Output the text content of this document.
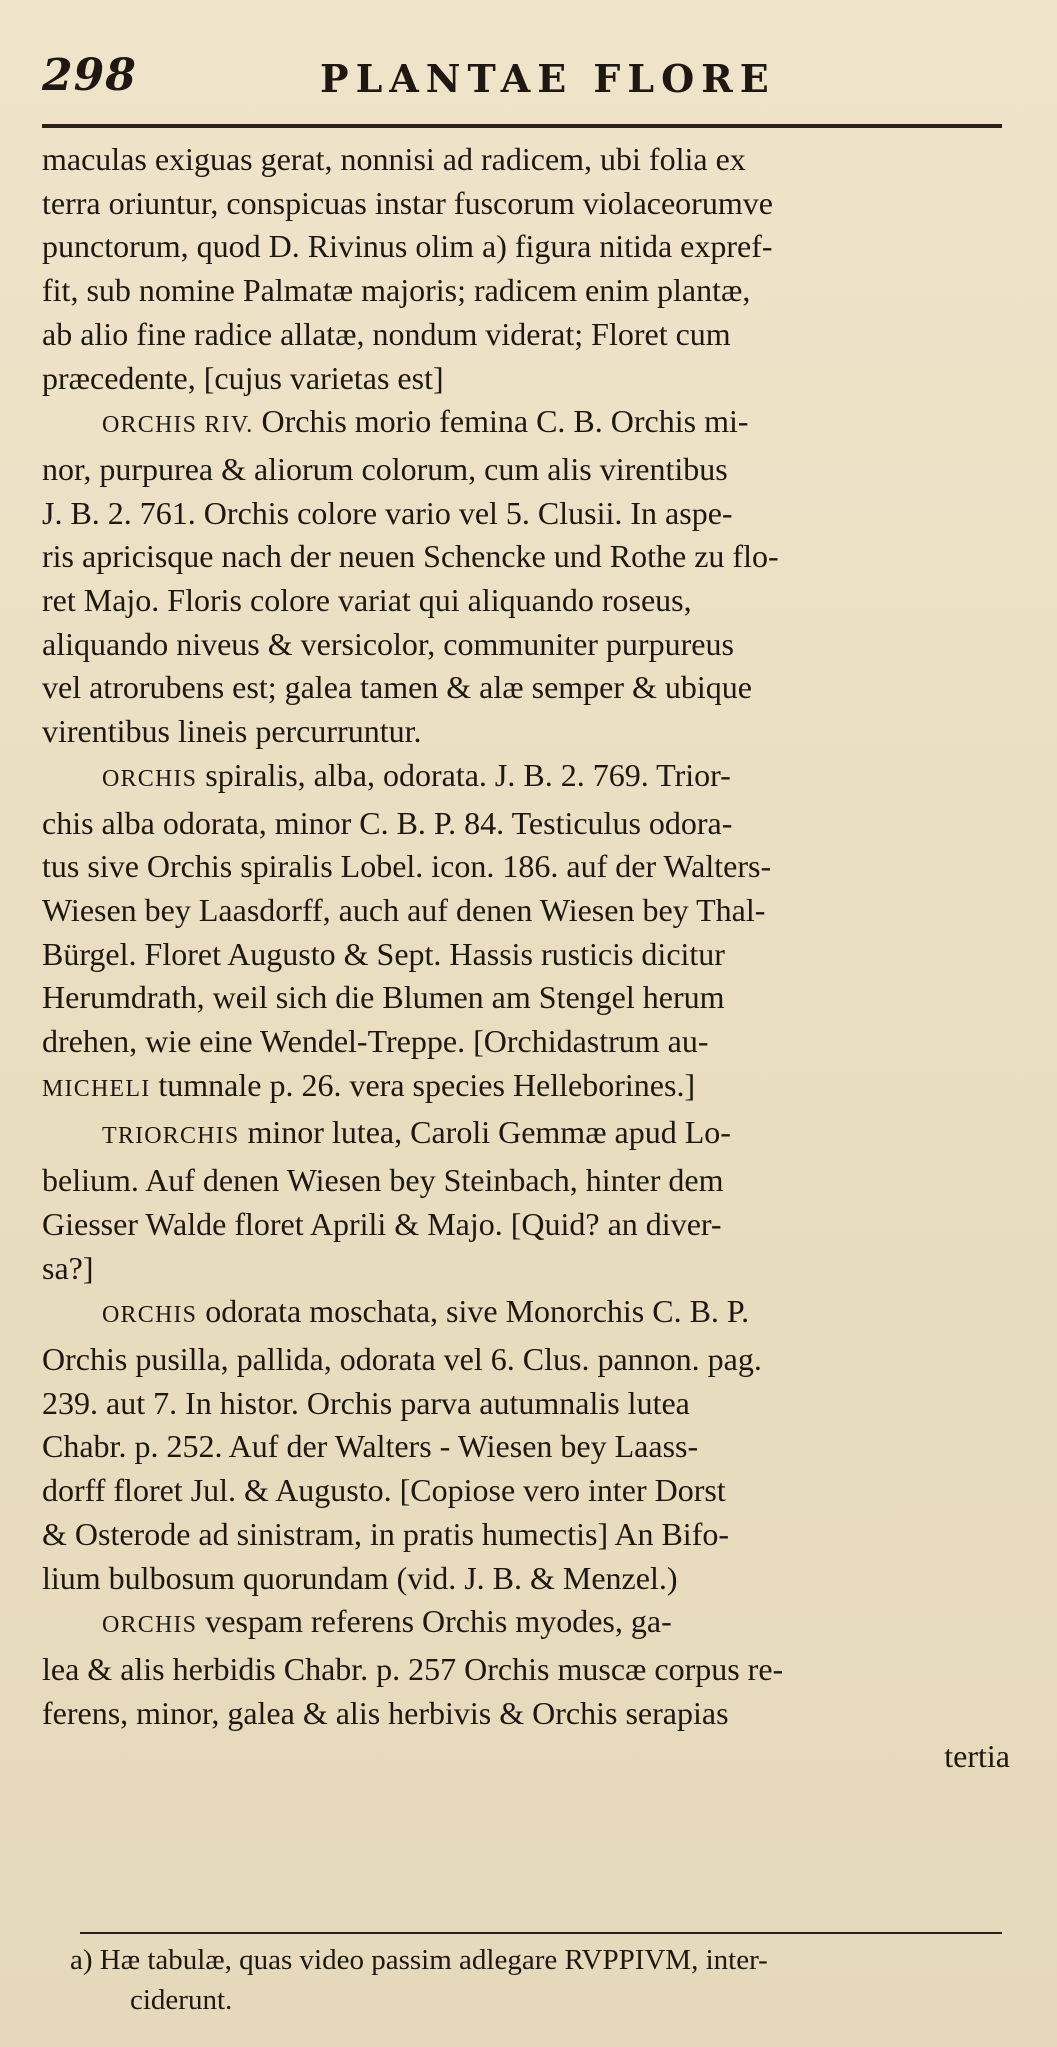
298	PLANTAE FLORE

maculas exiguas gerat, nonnisi ad radicem, ubi folia ex

terra oriuntur, conspicuas instar fuscorum violaceorumve

punctorum, quod D. Rivinus olim a) figura nitida expref-

fit, sub nomine Palmatæ majoris; radicem enim plantæ,

ab alio fine radice allatæ, nondum viderat; Floret cum

præcedente, [cujus varietas est]

ORCHIS RIV. Orchis morio femina C. B. Orchis mi-

nor, purpurea & aliorum colorum, cum alis virentibus

J. B. 2. 761. Orchis colore vario vel 5. Clusii. In aspe-

ris apricisque nach der neuen Schencke und Rothe zu flo-

ret Majo. Floris colore variat qui aliquando roseus,

aliquando niveus & versicolor, communiter purpureus

vel atrorubens est; galea tamen & alæ semper & ubique

virentibus lineis percurruntur.

ORCHIS spiralis, alba, odorata. J. B. 2. 769. Trior-

chis alba odorata, minor C. B. P. 84. Testiculus odora-

tus sive Orchis spiralis Lobel. icon. 186. auf der Walters-

Wiesen bey Laasdorff, auch auf denen Wiesen bey Thal-

Bürgel. Floret Augusto & Sept. Hassis rusticis dicitur

Herumdrath, weil sich die Blumen am Stengel herum

drehen, wie eine Wendel-Treppe. [Orchidastrum au-

MICHELI tumnale p. 26. vera species Helleborines.]

TRIORCHIS minor lutea, Caroli Gemmæ apud Lo-

belium. Auf denen Wiesen bey Steinbach, hinter dem

Giesser Walde floret Aprili & Majo. [Quid? an diver-

sa?]

ORCHIS odorata moschata, sive Monorchis C. B. P.

Orchis pusilla, pallida, odorata vel 6. Clus. pannon. pag.

239. aut 7. In histor. Orchis parva autumnalis lutea

Chabr. p. 252. Auf der Walters - Wiesen bey Laass-

dorff floret Jul. & Augusto. [Copiose vero inter Dorst

& Osterode ad sinistram, in pratis humectis] An Bifo-

lium bulbosum quorundam (vid. J. B. & Menzel.)

ORCHIS vespam referens Orchis myodes, ga-

lea & alis herbidis Chabr. p. 257 Orchis muscæ corpus re-

ferens, minor, galea & alis herbivis & Orchis serapias

tertia

a) Hæ tabulæ, quas video passim adlegare RVPPIVM, inter-

ciderunt.
